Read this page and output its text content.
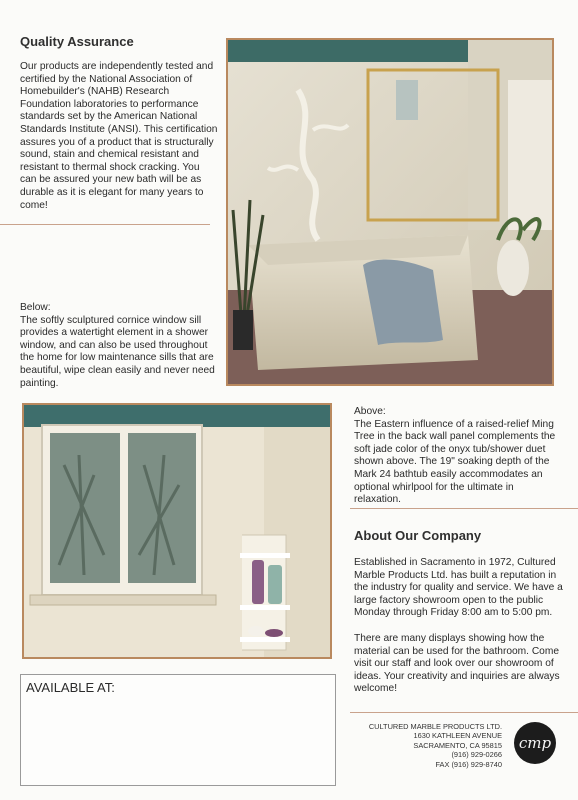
Quality Assurance

Our products are independently tested and certified by the National Association of Homebuilder's (NAHB) Research Foundation laboratories to performance standards set by the American National Standards Institute (ANSI). This certification assures you of a product that is structurally sound, stain and chemical resistant and resistant to thermal shock cracking. You can be assured your new bath will be as durable as it is elegant for many years to come!

Below:

The softly sculptured cornice window sill provides a watertight element in a shower window, and can also be used throughout the home for low maintenance sills that are beautiful, wipe clean easily and never need painting.

Above:

The Eastern influence of a raised-relief Ming Tree in the back wall panel complements the soft jade color of the onyx tub/shower duet shown above. The 19" soaking depth of the Mark 24 bathtub easily accommodates an optional whirlpool for the ultimate in relaxation.

About Our Company

Established in Sacramento in 1972, Cultured Marble Products Ltd. has built a reputation in the industry for quality and service. We have a large factory showroom open to the public Monday through Friday 8:00 am to 5:00 pm.

There are many displays showing how the material can be used for the bathroom. Come visit our staff and look over our showroom of ideas. Your creativity and inquiries are always welcome!

AVAILABLE AT:
CULTURED MARBLE PRODUCTS LTD.
1630 KATHLEEN AVENUE
SACRAMENTO, CA 95815
(916) 929-0266
FAX (916) 929-8740
cmp
